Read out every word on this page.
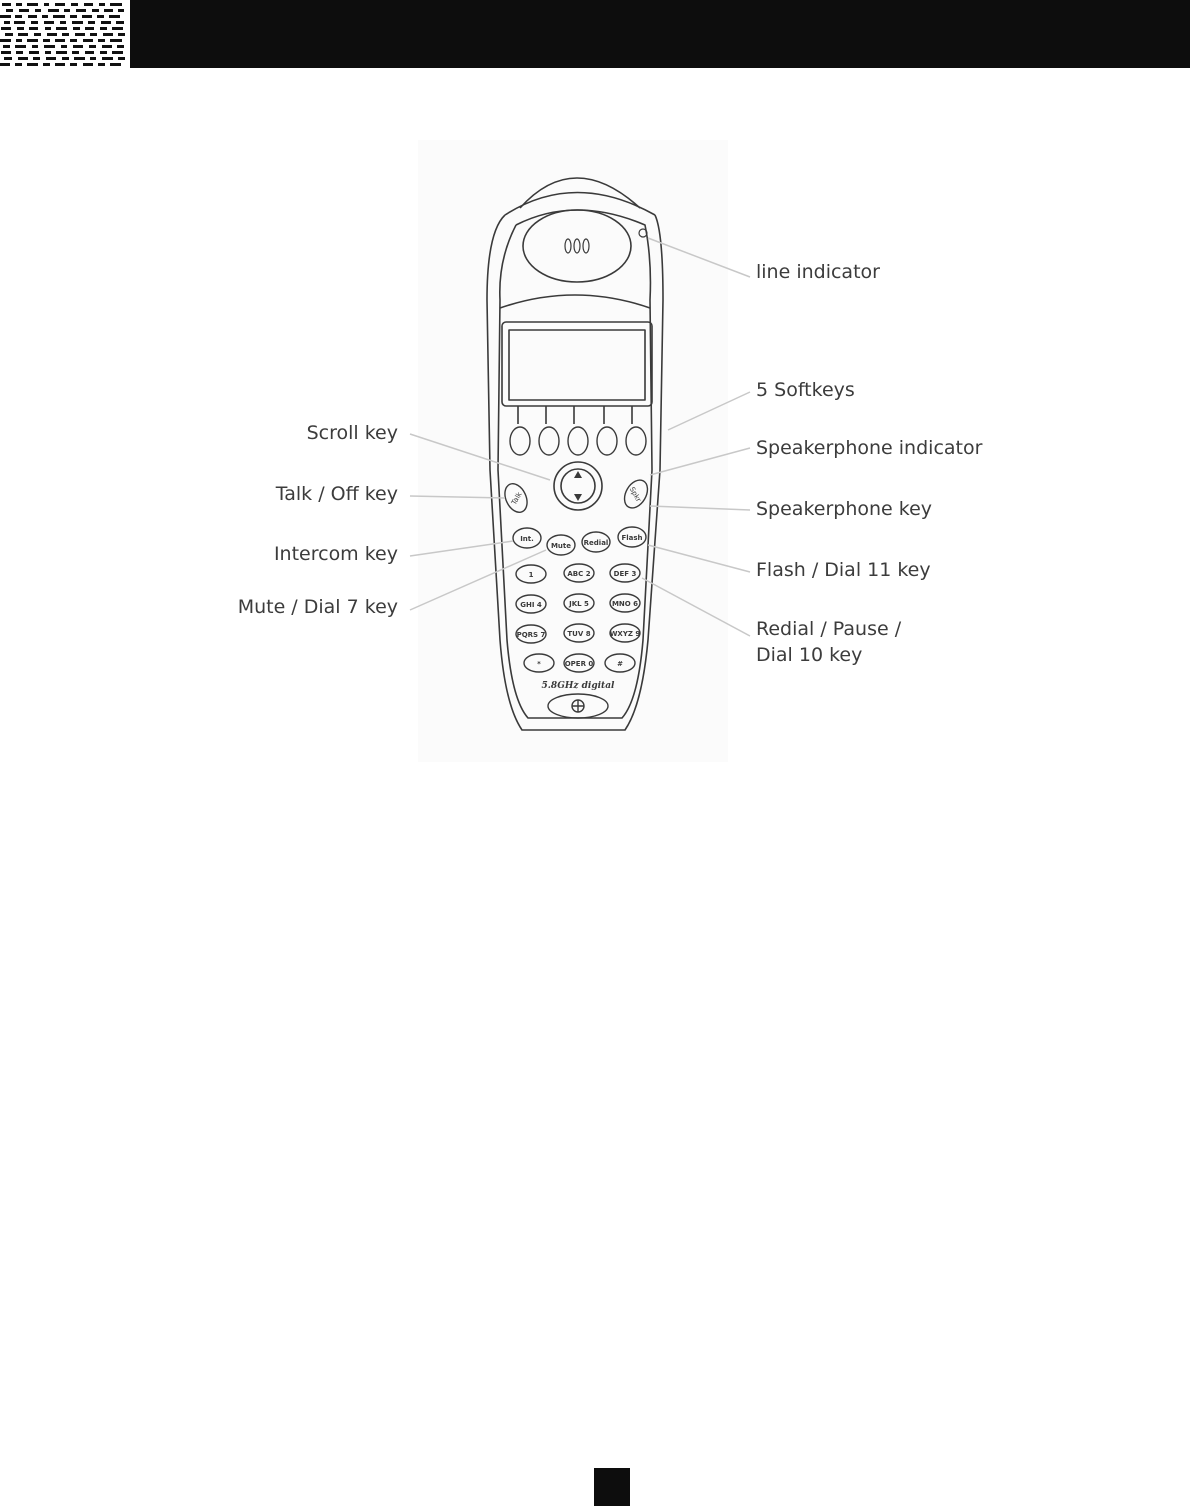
Talk	Spkr
Int.
Mute Redial
Flash
1	ABC 2	DEF 3
GHI 4	JKL 5	MNO 6
PQRS 7	TUV 8	WXYZ 9
*	OPER 0	#
5.8GHz digital
line indicator
5 Softkeys
Speakerphone indicator
Speakerphone key
Flash / Dial 11 key
Redial / Pause /
Dial 10 key
Scroll key
Talk / Off key
Intercom key
Mute / Dial 7 key
